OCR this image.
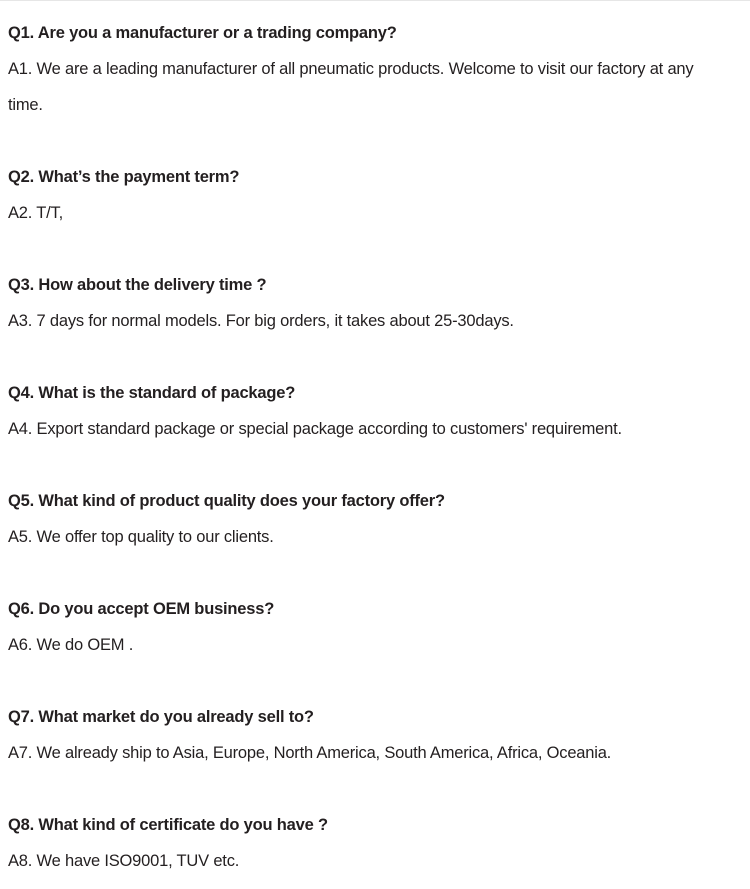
Q1. Are you a manufacturer or a trading company?
A1. We are a leading manufacturer of all pneumatic products. Welcome to visit our factory at any time.
Q2. What’s the payment term?
A2. T/T,
Q3. How about the delivery time ?
A3. 7 days for normal models. For big orders, it takes about 25-30days.
Q4. What is the standard of package?
A4. Export standard package or special package according to customers' requirement.
Q5. What kind of product quality does your factory offer?
A5. We offer top quality to our clients.
Q6. Do you accept OEM business?
A6. We do OEM .
Q7. What market do you already sell to?
A7. We already ship to Asia, Europe, North America, South America, Africa, Oceania.
Q8. What kind of certificate do you have ?
A8. We have ISO9001, TUV etc.
